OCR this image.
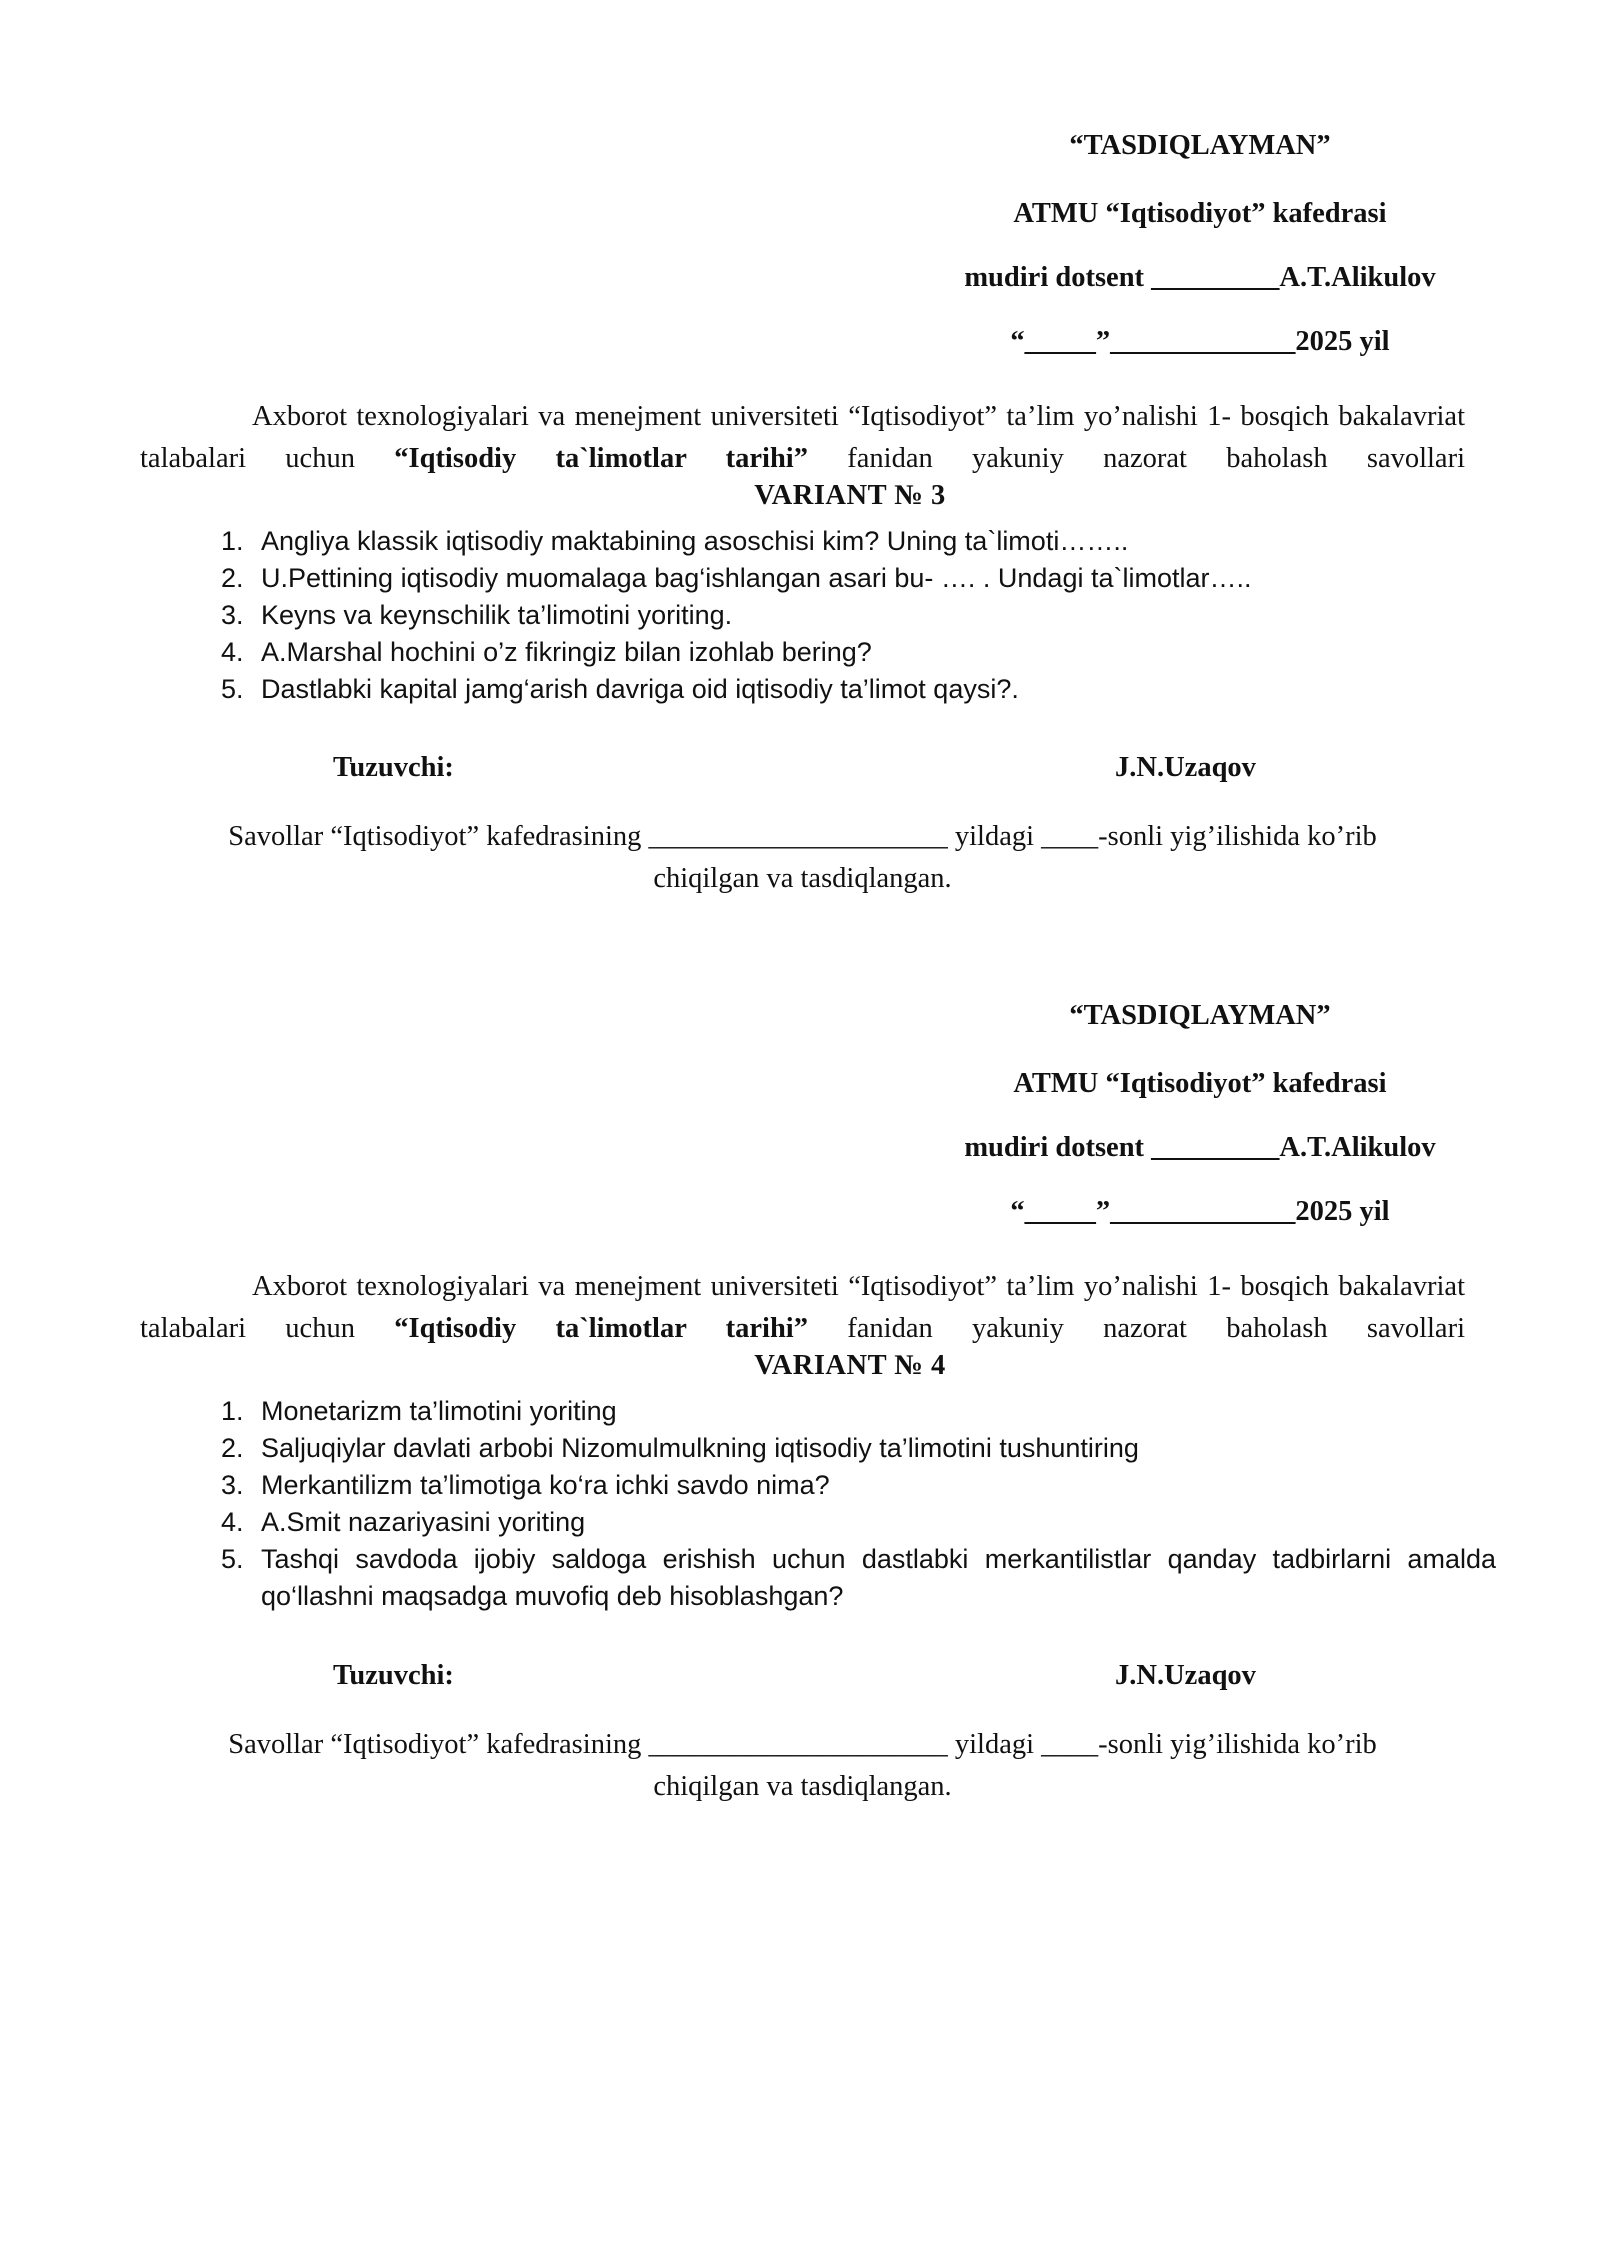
“TASDIQLAYMAN”
ATMU “Iqtisodiyot” kafedrasi
mudiri dotsent _________A.T.Alikulov
“_____”_____________2025 yil

Axborot texnologiyalari va menejment universiteti “Iqtisodiyot” ta’lim yo’nalishi 1- bosqich bakalavriat talabalari uchun “Iqtisodiy ta`limotlar tarihi” fanidan yakuniy nazorat baholash savollari

VARIANT № 3
1. Angliya klassik iqtisodiy maktabining asoschisi kim? Uning ta`limoti……..
2. U.Pettining iqtisodiy muomalaga bag‘ishlangan asari bu- …. . Undagi ta`limotlar…..
3. Keyns va keynschilik ta’limotini yoriting.
4. A.Marshal hochini o’z fikringiz bilan izohlab bering?
5. Dastlabki kapital jamg‘arish davriga oid iqtisodiy ta’limot qaysi?.
Tuzuvchi:	J.N.Uzaqov
Savollar “Iqtisodiyot” kafedrasining _____________________ yildagi ____-sonli yig’ilishida ko’rib
chiqilgan va tasdiqlangan.
“TASDIQLAYMAN”
ATMU “Iqtisodiyot” kafedrasi
mudiri dotsent _________A.T.Alikulov
“_____”_____________2025 yil

Axborot texnologiyalari va menejment universiteti “Iqtisodiyot” ta’lim yo’nalishi 1- bosqich bakalavriat talabalari uchun “Iqtisodiy ta`limotlar tarihi” fanidan yakuniy nazorat baholash savollari

VARIANT № 4
1. Monetarizm ta’limotini yoriting
2. Saljuqiylar davlati arbobi Nizomulmulkning iqtisodiy ta’limotini tushuntiring
3. Merkantilizm ta’limotiga ko‘ra ichki savdo nima?
4. A.Smit nazariyasini yoriting
5. Tashqi savdoda ijobiy saldoga erishish uchun dastlabki merkantilistlar qanday tadbirlarni amalda qo‘llashni maqsadga muvofiq deb hisoblashgan?
Tuzuvchi:	J.N.Uzaqov
Savollar “Iqtisodiyot” kafedrasining _____________________ yildagi ____-sonli yig’ilishida ko’rib
chiqilgan va tasdiqlangan.
